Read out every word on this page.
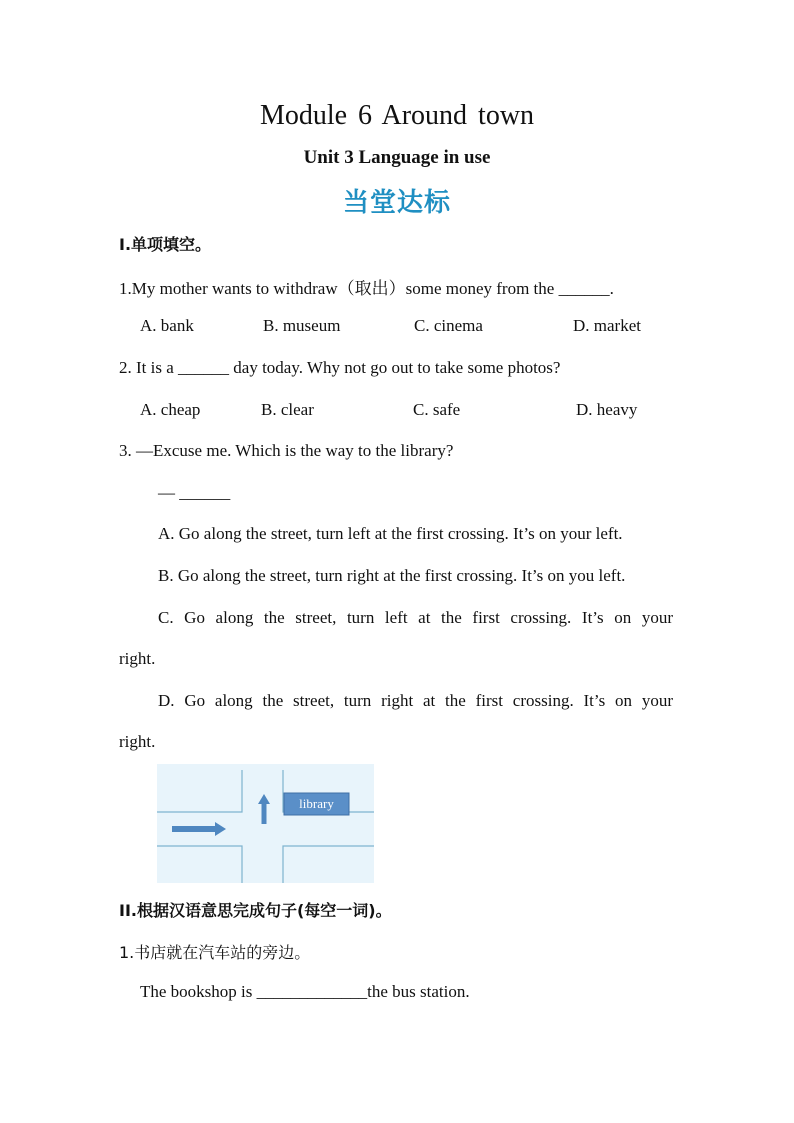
Module 6 Around town
Unit 3 Language in use
当堂达标
I.单项填空。
1.My mother wants to withdraw（取出）some money from the ______.
A. bank	B. museum	C. cinema	D. market
2. It is a ______ day today. Why not go out to take some photos?
A. cheap	B. clear	C. safe	D. heavy
3. —Excuse me. Which is the way to the library?
— ______
A. Go along the street, turn left at the first crossing. It’s on your left.
B. Go along the street, turn right at the first crossing. It’s on you left.
C. Go along the street, turn left at the first crossing. It’s on your
right.
D. Go along the street, turn right at the first crossing. It’s on your
right.
library
II.根据汉语意思完成句子(每空一词)。
1.书店就在汽车站的旁边。
The bookshop is _____________the bus station.
